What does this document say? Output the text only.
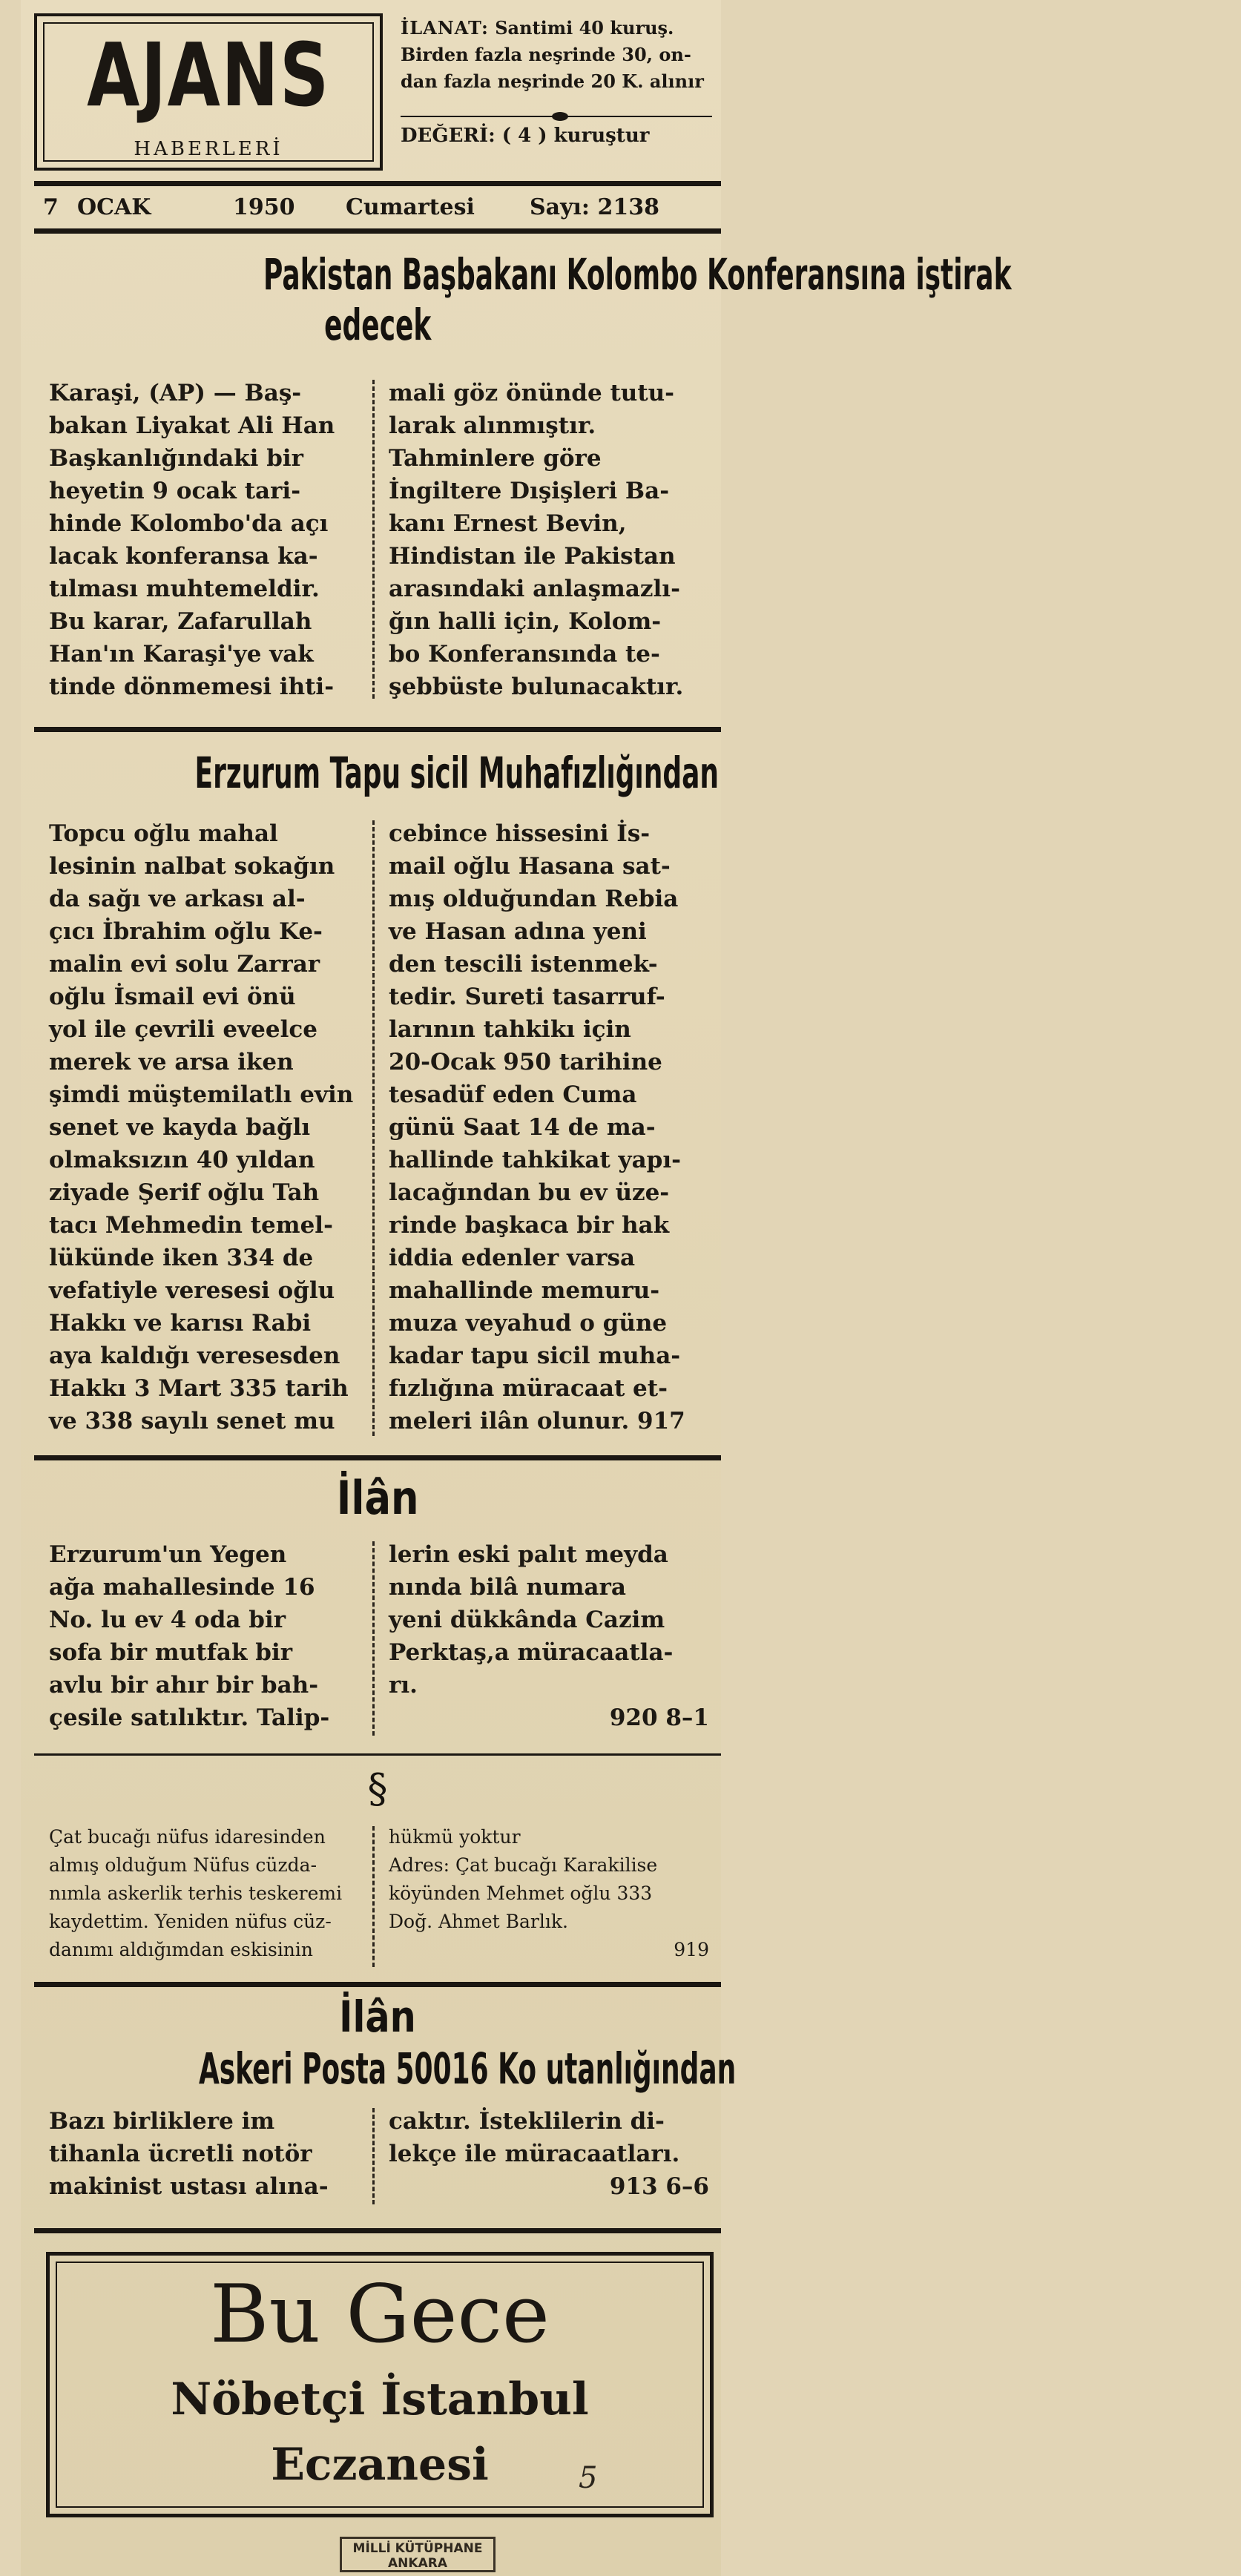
AJANS
HABERLERİ
İLANAT: Santimi 40 kuruş.
Birden fazla neşrinde 30, on-
dan fazla neşrinde 20 K. alınır
DEĞERİ: ( 4 ) kuruştur
7 OCAK	1950 Cumartesi Sayı: 2138
Pakistan Başbakanı Kolombo Konferansına iştirak
edecek
Karaşi, (AP) — Baş-
bakan Liyakat Ali Han
Başkanlığındaki bir
heyetin 9 ocak tari-
hinde Kolombo'da açı
lacak konferansa ka-
tılması muhtemeldir.
Bu karar, Zafarullah
Han'ın Karaşi'ye vak
tinde dönmemesi ihti-
mali göz önünde tutu-
larak alınmıştır.
Tahminlere göre
İngiltere Dışişleri Ba-
kanı Ernest Bevin,
Hindistan ile Pakistan
arasındaki anlaşmazlı-
ğın halli için, Kolom-
bo Konferansında te-
şebbüste bulunacaktır.
Erzurum Tapu sicil Muhafızlığından
Topcu oğlu mahal
lesinin nalbat sokağın
da sağı ve arkası al-
çıcı İbrahim oğlu Ke-
malin evi solu Zarrar
oğlu İsmail evi önü
yol ile çevrili eveelce
merek ve arsa iken
şimdi müştemilatlı evin
senet ve kayda bağlı
olmaksızın 40 yıldan
ziyade Şerif oğlu Tah
tacı Mehmedin temel-
lükünde iken 334 de
vefatiyle veresesi oğlu
Hakkı ve karısı Rabi
aya kaldığı veresesden
Hakkı 3 Mart 335 tarih
ve 338 sayılı senet mu
cebince hissesini İs-
mail oğlu Hasana sat-
mış olduğundan Rebia
ve Hasan adına yeni
den tescili istenmek-
tedir. Sureti tasarruf-
larının tahkikı için
20-Ocak 950 tarihine
tesadüf eden Cuma
günü Saat 14 de ma-
hallinde tahkikat yapı-
lacağından bu ev üze-
rinde başkaca bir hak
iddia edenler varsa
mahallinde memuru-
muza veyahud o güne
kadar tapu sicil muha-
fızlığına müracaat et-
meleri ilân olunur. 917
İlân
Erzurum'un Yegen
ağa mahallesinde 16
No. lu ev 4 oda bir
sofa bir mutfak bir
avlu bir ahır bir bah-
çesile satılıktır. Talip-
lerin eski palıt meyda
nında bilâ numara
yeni dükkânda Cazim
Perktaş,a müracaatla-
rı.
920 8–1
§
Çat bucağı nüfus idaresinden
almış olduğum Nüfus cüzda-
nımla askerlik terhis teskeremi
kaydettim. Yeniden nüfus cüz-
danımı aldığımdan eskisinin
hükmü yoktur
Adres: Çat bucağı Karakilise
köyünden Mehmet oğlu 333
Doğ. Ahmet Barlık.
919
İlân
Askeri Posta 50016 Ko utanlığından
Bazı birliklere im
tihanla ücretli notör
makinist ustası alına-
caktır. İsteklilerin di-
lekçe ile müracaatları.
913 6–6
Bu Gece
Nöbetçi İstanbul
Eczanesi	5
MİLLİ KÜTÜPHANE
ANKARA
